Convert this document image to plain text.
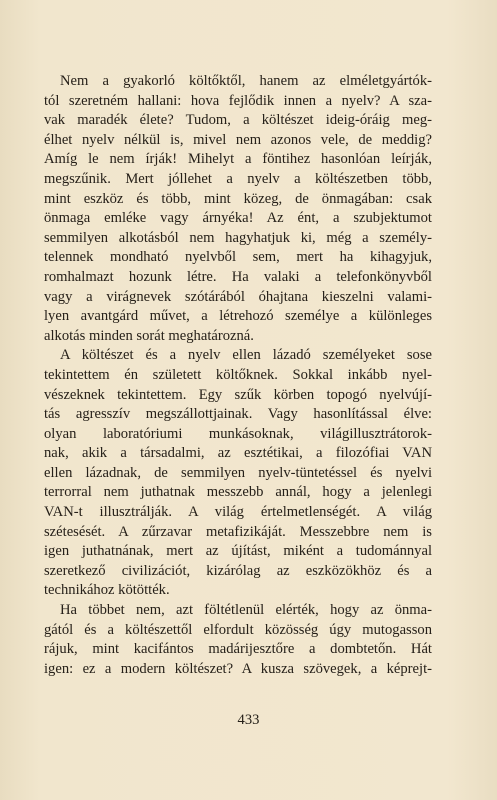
Nem a gyakorló költőktől, hanem az elméletgyártók-
tól szeretném hallani: hova fejlődik innen a nyelv? A sza-
vak maradék élete? Tudom, a költészet ideig-óráig meg-
élhet nyelv nélkül is, mivel nem azonos vele, de meddig?
Amíg le nem írják! Mihelyt a föntihez hasonlóan leírják,
megszűnik. Mert jóllehet a nyelv a költészetben több,
mint eszköz és több, mint közeg, de önmagában: csak
önmaga emléke vagy árnyéka! Az ént, a szubjektumot
semmilyen alkotásból nem hagyhatjuk ki, még a személy-
telennek mondható nyelvből sem, mert ha kihagyjuk,
romhalmazt hozunk létre. Ha valaki a telefonkönyvből
vagy a virágnevek szótárából óhajtana kieszelni valami-
lyen avantgárd művet, a létrehozó személye a különleges
alkotás minden sorát meghatározná.
A költészet és a nyelv ellen lázadó személyeket sose
tekintettem én született költőknek. Sokkal inkább nyel-
vészeknek tekintettem. Egy szűk körben topogó nyelvújí-
tás agresszív megszállottjainak. Vagy hasonlítással élve:
olyan laboratóriumi munkásoknak, világillusztrátorok-
nak, akik a társadalmi, az esztétikai, a filozófiai VAN
ellen lázadnak, de semmilyen nyelv-tüntetéssel és nyelvi
terrorral nem juthatnak messzebb annál, hogy a jelenlegi
VAN-t illusztrálják. A világ értelmetlenségét. A világ
szétesését. A zűrzavar metafizikáját. Messzebbre nem is
igen juthatnának, mert az újítást, miként a tudománnyal
szeretkező civilizációt, kizárólag az eszközökhöz és a
technikához kötötték.
Ha többet nem, azt föltétlenül elérték, hogy az önma-
gától és a költészettől elfordult közösség úgy mutogasson
rájuk, mint kacifántos madárijesztőre a dombtetőn. Hát
igen: ez a modern költészet? A kusza szövegek, a képrejt-
433
